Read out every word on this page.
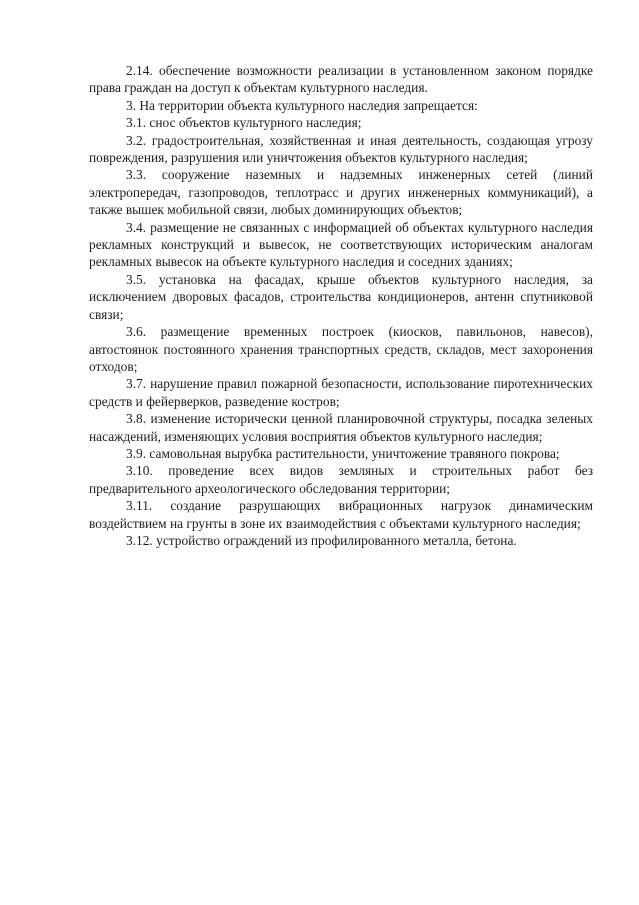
2.14. обеспечение возможности реализации в установленном законом порядке права граждан на доступ к объектам культурного наследия.

3. На территории объекта культурного наследия запрещается:

3.1. снос объектов культурного наследия;

3.2. градостроительная, хозяйственная и иная деятельность, создающая угрозу повреждения, разрушения или уничтожения объектов культурного наследия;

3.3. сооружение наземных и надземных инженерных сетей (линий электропередач, газопроводов, теплотрасс и других инженерных коммуникаций), а также вышек мобильной связи, любых доминирующих объектов;

3.4. размещение не связанных с информацией об объектах культурного наследия рекламных конструкций и вывесок, не соответствующих историческим аналогам рекламных вывесок на объекте культурного наследия и соседних зданиях;

3.5. установка на фасадах, крыше объектов культурного наследия, за исключением дворовых фасадов, строительства кондиционеров, антенн спутниковой связи;

3.6. размещение временных построек (киосков, павильонов, навесов), автостоянок постоянного хранения транспортных средств, складов, мест захоронения отходов;

3.7. нарушение правил пожарной безопасности, использование пиротехнических средств и фейерверков, разведение костров;

3.8. изменение исторически ценной планировочной структуры, посадка зеленых насаждений, изменяющих условия восприятия объектов культурного наследия;

3.9. самовольная вырубка растительности, уничтожение травяного покрова;

3.10. проведение всех видов земляных и строительных работ без предварительного археологического обследования территории;

3.11. создание разрушающих вибрационных нагрузок динамическим воздействием на грунты в зоне их взаимодействия с объектами культурного наследия;

3.12. устройство ограждений из профилированного металла, бетона.
